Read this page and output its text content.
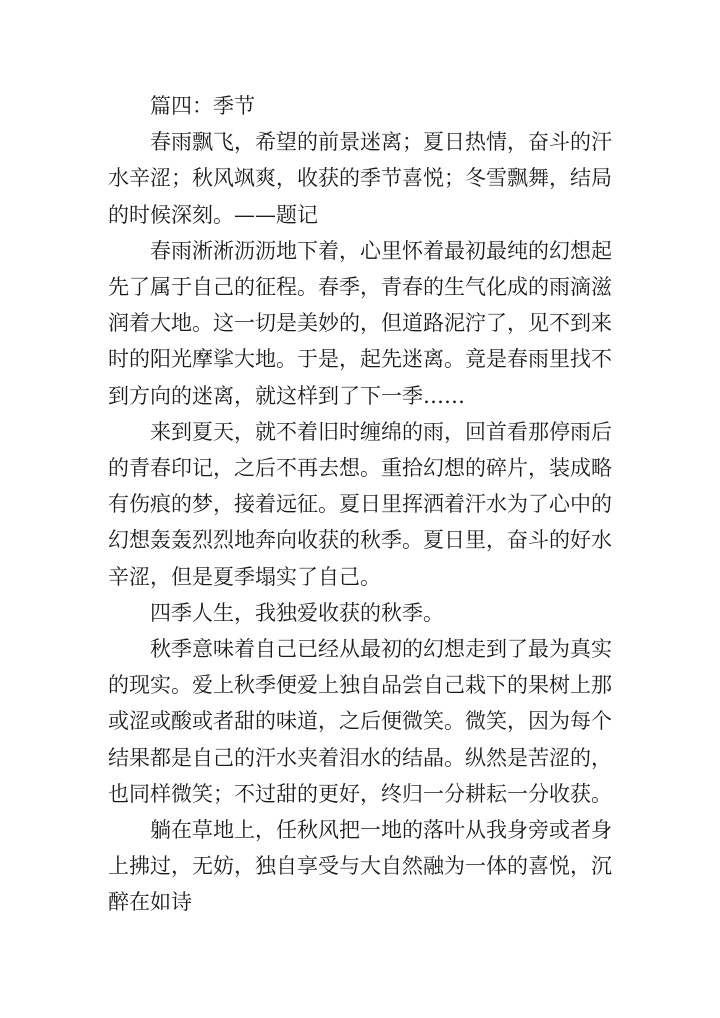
篇四：季节

春雨飘飞，希望的前景迷离；夏日热情，奋斗的汗水辛涩；秋风飒爽，收获的季节喜悦；冬雪飘舞，结局的时候深刻。——题记

春雨淅淅沥沥地下着，心里怀着最初最纯的幻想起先了属于自己的征程。春季，青春的生气化成的雨滴滋润着大地。这一切是美妙的，但道路泥泞了，见不到来时的阳光摩挲大地。于是，起先迷离。竟是春雨里找不到方向的迷离，就这样到了下一季……

来到夏天，就不着旧时缠绵的雨，回首看那停雨后的青春印记，之后不再去想。重拾幻想的碎片，装成略有伤痕的梦，接着远征。夏日里挥洒着汗水为了心中的幻想轰轰烈烈地奔向收获的秋季。夏日里，奋斗的好水辛涩，但是夏季塌实了自己。

四季人生，我独爱收获的秋季。

秋季意味着自己已经从最初的幻想走到了最为真实的现实。爱上秋季便爱上独自品尝自己栽下的果树上那或涩或酸或者甜的味道，之后便微笑。微笑，因为每个结果都是自己的汗水夹着泪水的结晶。纵然是苦涩的，也同样微笑；不过甜的更好，终归一分耕耘一分收获。

躺在草地上，任秋风把一地的落叶从我身旁或者身上拂过，无妨，独自享受与大自然融为一体的喜悦，沉醉在如诗
